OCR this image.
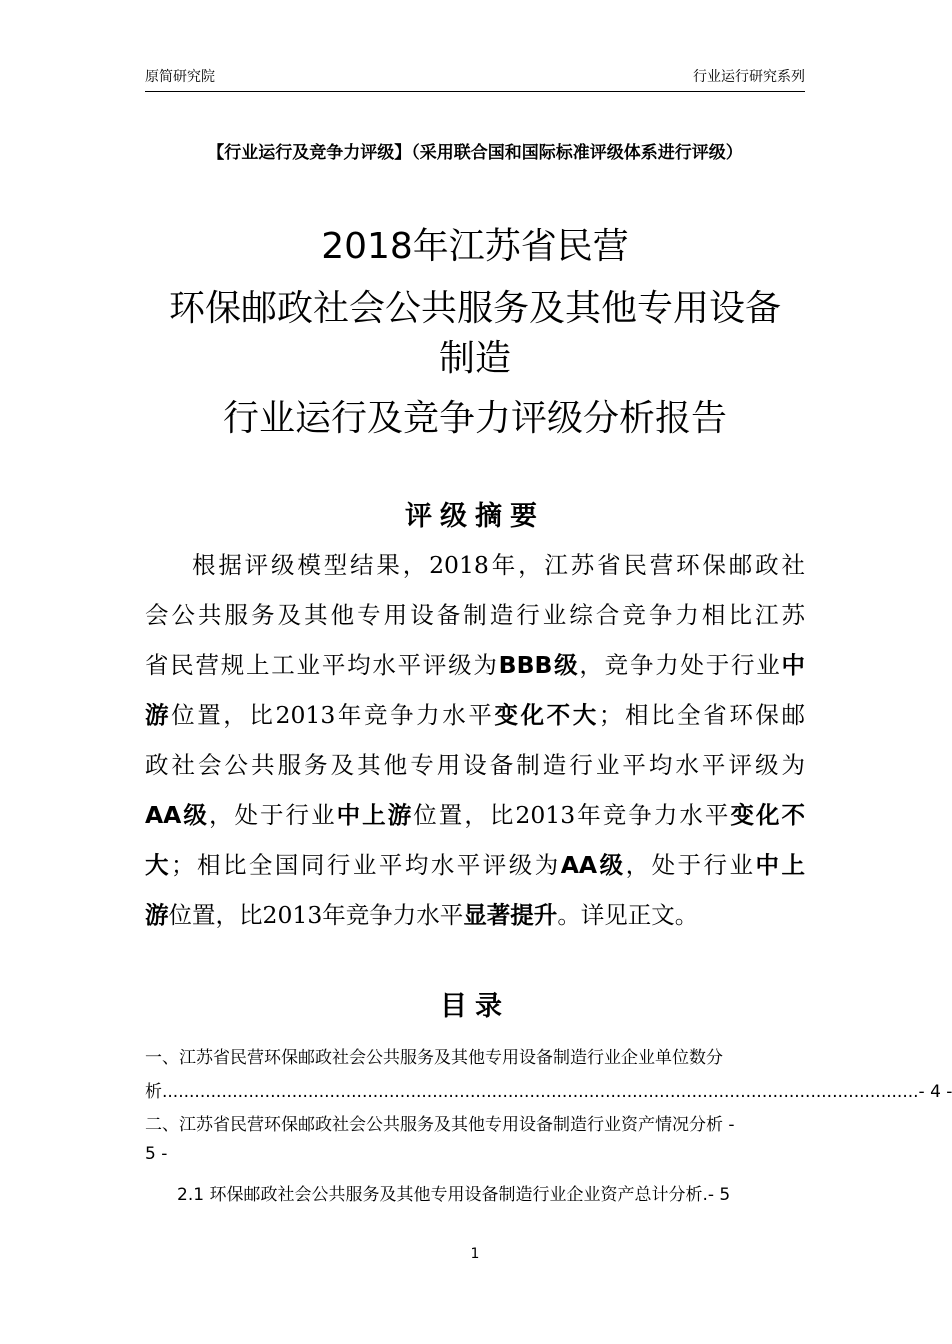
原简研究院	行业运行研究系列
【行业运行及竞争力评级】（采用联合国和国际标准评级体系进行评级）
2018年江苏省民营
环保邮政社会公共服务及其他专用设备
制造
行业运行及竞争力评级分析报告
评级摘要
根据评级模型结果，2018年，江苏省民营环保邮政社
会公共服务及其他专用设备制造行业综合竞争力相比江苏
省民营规上工业平均水平评级为BBB级，竞争力处于行业中
游位置，比2013年竞争力水平变化不大；相比全省环保邮
政社会公共服务及其他专用设备制造行业平均水平评级为
AA级，处于行业中上游位置，比2013年竞争力水平变化不
大；相比全国同行业平均水平评级为AA级，处于行业中上
游位置，比2013年竞争力水平显著提升。详见正文。
目录
一、江苏省民营环保邮政社会公共服务及其他专用设备制造行业企业单位数分
析 ............................................................................................................................................ - 4 -
二、江苏省民营环保邮政社会公共服务及其他专用设备制造行业资产情况分析 -
5 -
2.1 环保邮政社会公共服务及其他专用设备制造行业企业资产总计分析.- 5
1
